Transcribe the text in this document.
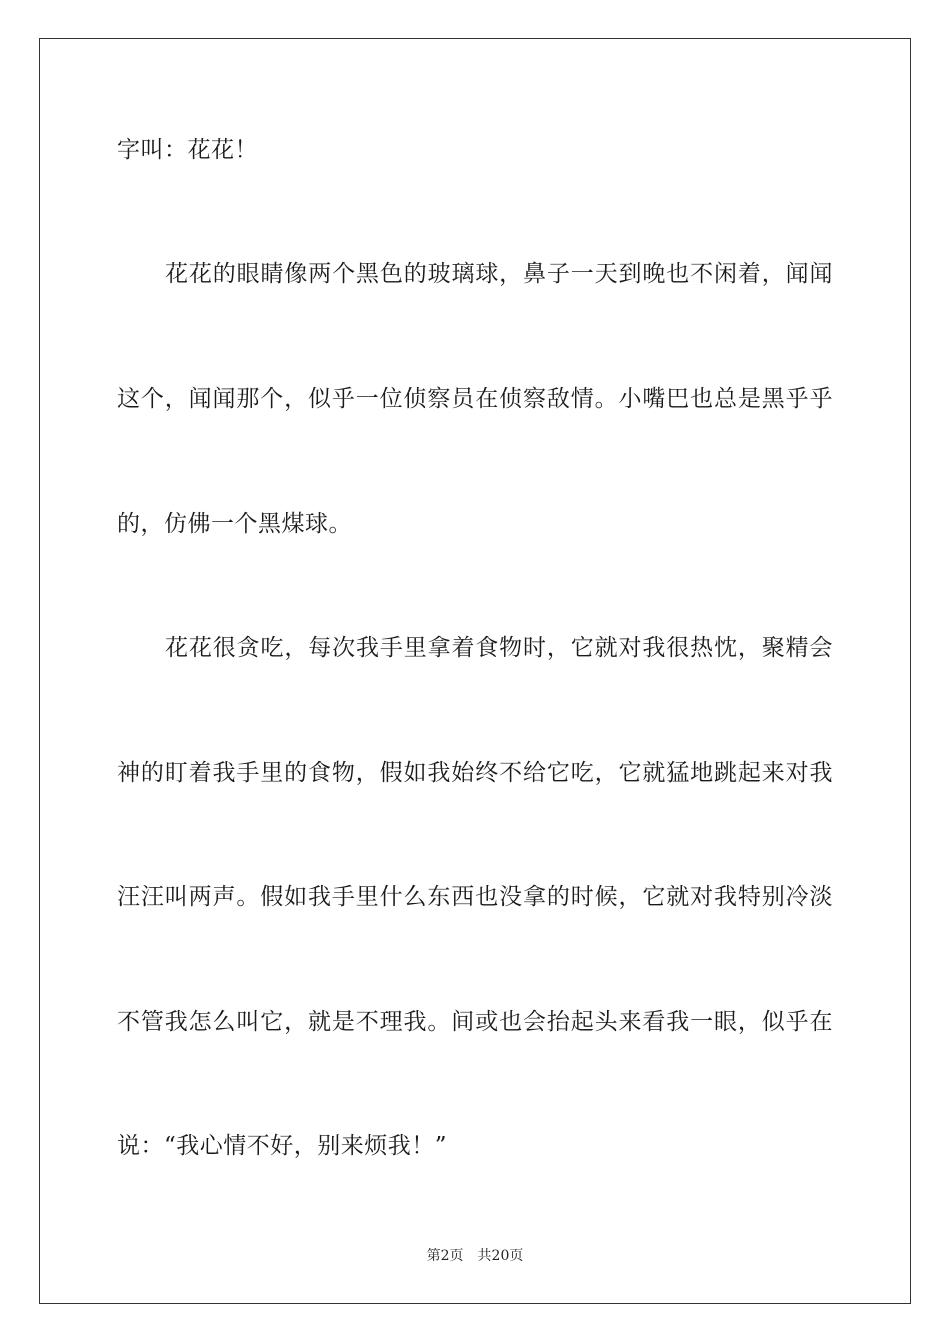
字叫：花花！
花花的眼睛像两个黑色的玻璃球，鼻子一天到晚也不闲着，闻闻
这个，闻闻那个，似乎一位侦察员在侦察敌情。小嘴巴也总是黑乎乎
的，仿佛一个黑煤球。
花花很贪吃，每次我手里拿着食物时，它就对我很热忱，聚精会
神的盯着我手里的食物，假如我始终不给它吃，它就猛地跳起来对我
汪汪叫两声。假如我手里什么东西也没拿的时候，它就对我特别冷淡
不管我怎么叫它，就是不理我。间或也会抬起头来看我一眼，似乎在
说：“我心情不好，别来烦我！”
第2页 共20页
